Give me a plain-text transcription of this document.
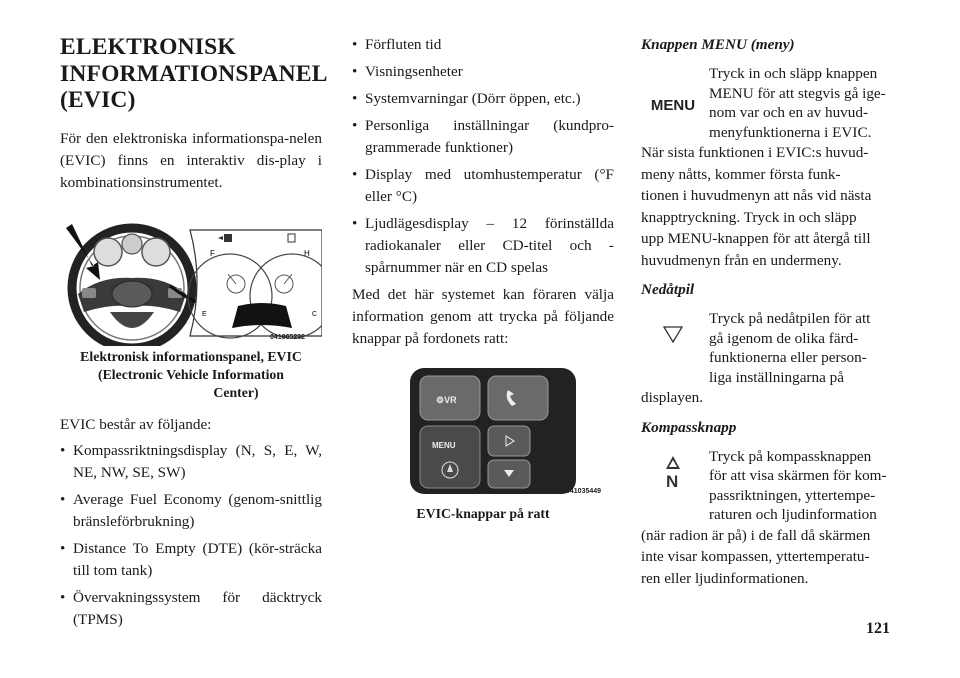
ELEKTRONISK
INFORMATIONSPANEL
(EVIC)

För den elektroniska informationspa-nelen (EVIC) finns en interaktiv dis-play i kombinationsinstrumentet.

F	H
E	C
041065232
Elektronisk informationspanel, EVIC
(Electronic Vehicle Information
Center)

EVIC består av följande:

• Kompassriktningsdisplay (N, S, E, W, NE, NW, SE, SW)
• Average Fuel Economy (genom-snittlig bränsleförbrukning)
• Distance To Empty (DTE) (kör-sträcka till tom tank)
• Övervakningssystem för däcktryck (TPMS)
• Förfluten tid
• Visningsenheter
• Systemvarningar (Dörr öppen, etc.)
• Personliga inställningar (kundpro-grammerade funktioner)
• Display med utomhustemperatur (°F eller °C)
• Ljudlägesdisplay – 12 förinställda radiokanaler eller CD-titel och -spårnummer när en CD spelas

Med det här systemet kan föraren välja information genom att trycka på följande knappar på fordonets ratt:

⚙VR
MENU
041035449
EVIC-knappar på ratt
Knappen MENU (meny)
MENU
Tryck in och släpp knappen
MENU för att stegvis gå ige-
nom var och en av huvud-
menyfunktionerna i EVIC.
När sista funktionen i EVIC:s huvud-
meny nåtts, kommer första funk-
tionen i huvudmenyn att nås vid nästa
knapptryckning. Tryck in och släpp
upp MENU-knappen för att återgå till
huvudmenyn från en undermeny.
Nedåtpil
Tryck på nedåtpilen för att
gå igenom de olika färd-
funktionerna eller person-
liga inställningarna på
displayen.
Kompassknapp
N
Tryck på kompassknappen
för att visa skärmen för kom-
passriktningen, yttertempe-
raturen och ljudinformation
(när radion är på) i de fall då skärmen
inte visar kompassen, yttertemperatu-
ren eller ljudinformationen.
121
